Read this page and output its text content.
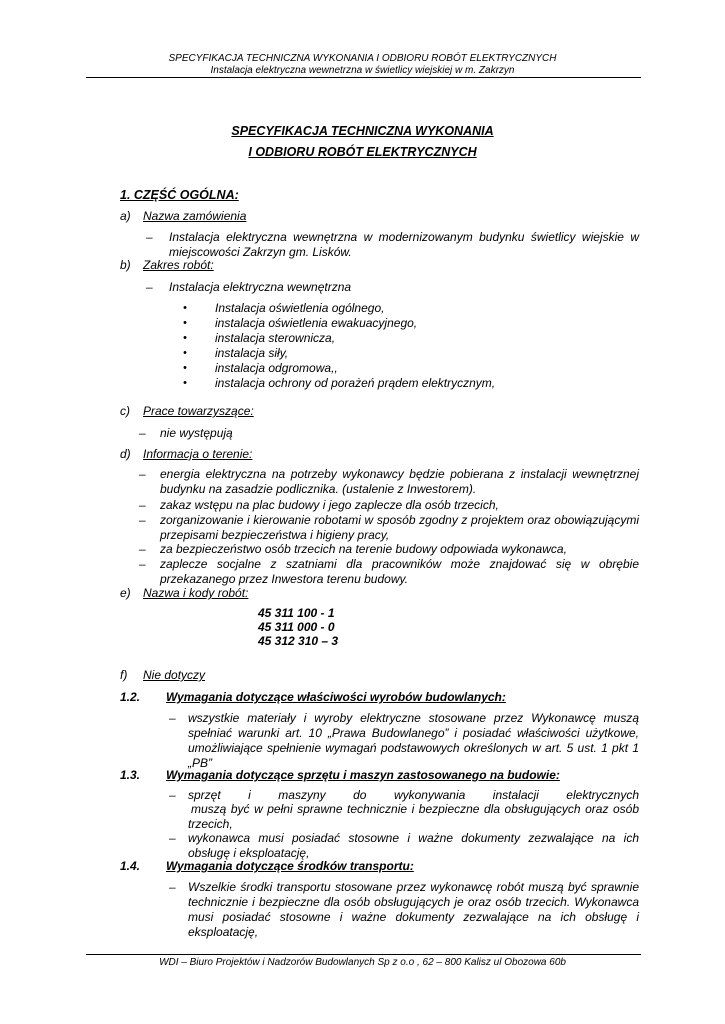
SPECYFIKACJA TECHNICZNA WYKONANIA I ODBIORU ROBÓT ELEKTRYCZNYCH
Instalacja elektryczna wewnetrzna w świetlicy wiejskiej w m. Zakrzyn
SPECYFIKACJA TECHNICZNA WYKONANIA
I ODBIORU ROBÓT ELEKTRYCZNYCH
1. CZĘŚĆ OGÓLNA:
a) Nazwa zamówienia
– Instalacja elektryczna wewnętrzna w modernizowanym budynku świetlicy wiejskie w miejscowości Zakrzyn gm. Lisków.
b) Zakres robót:
– Instalacja elektryczna wewnętrzna
• Instalacja oświetlenia ogólnego,
• instalacja oświetlenia ewakuacyjnego,
• instalacja sterownicza,
• instalacja siły,
• instalacja odgromowa,,
• instalacja ochrony od porażeń prądem elektrycznym,
c) Prace towarzyszące:
– nie występują
d) Informacja o terenie:
– energia elektryczna na potrzeby wykonawcy będzie pobierana z instalacji wewnętrznej budynku na zasadzie podlicznika. (ustalenie z Inwestorem).
– zakaz wstępu na plac budowy i jego zaplecze dla osób trzecich,
– zorganizowanie i kierowanie robotami w sposób zgodny z projektem oraz obowiązującymi przepisami bezpieczeństwa i higieny pracy,
– za bezpieczeństwo osób trzecich na terenie budowy odpowiada wykonawca,
– zaplecze socjalne z szatniami dla pracowników może znajdować się w obrębie przekazanego przez Inwestora terenu budowy.
e) Nazwa i kody robót:
45 311 100 - 1
45 311 000 - 0
45 312 310 – 3
f) Nie dotyczy
1.2. Wymagania dotyczące właściwości wyrobów budowlanych:
– wszystkie materiały i wyroby elektryczne stosowane przez Wykonawcę muszą spełniać warunki art. 10 „Prawa Budowlanego” i posiadać właściwości użytkowe, umożliwiające spełnienie wymagań podstawowych określonych w art. 5 ust. 1 pkt 1 „PB”
1.3. Wymagania dotyczące sprzętu i maszyn zastosowanego na budowie:
– sprzęt i maszyny do wykonywania instalacji elektrycznych
muszą być w pełni sprawne technicznie i bezpieczne dla obsługujących oraz osób trzecich,
– wykonawca musi posiadać stosowne i ważne dokumenty zezwalające na ich obsługę i eksploatację,
1.4. Wymagania dotyczące środków transportu:
– Wszelkie środki transportu stosowane przez wykonawcę robót muszą być sprawnie technicznie i bezpieczne dla osób obsługujących je oraz osób trzecich. Wykonawca musi posiadać stosowne i ważne dokumenty zezwalające na ich obsługę i eksploatację,
WDI – Biuro Projektów i Nadzorów Budowlanych Sp z o.o , 62 – 800 Kalisz ul Obozowa 60b
